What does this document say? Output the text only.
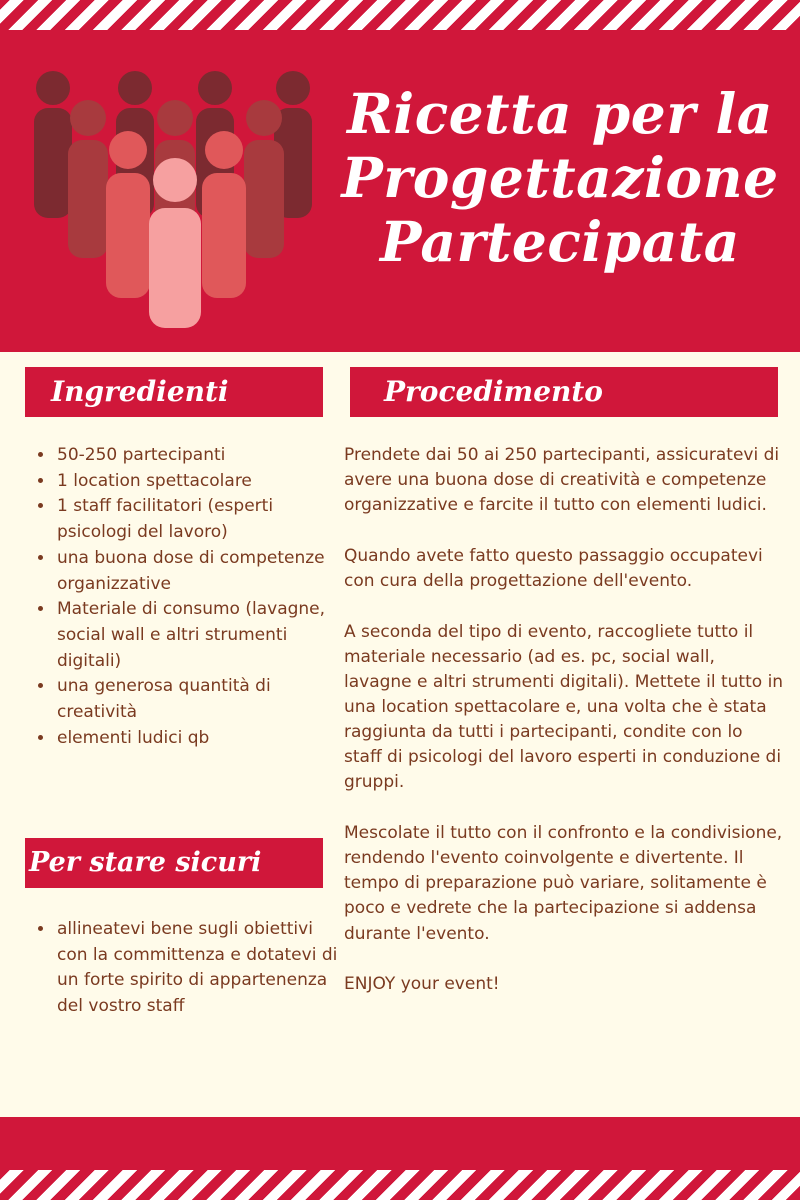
Ricetta per la
Progettazione
Partecipata
Ingredienti	Procedimento
• 50-250 partecipanti
• 1 location spettacolare
• 1 staff facilitatori (esperti psicologi del lavoro)
• una buona dose di competenze organizzative
• Materiale di consumo (lavagne, social wall e altri strumenti digitali)
• una generosa quantità di creatività
• elementi ludici qb

Prendete dai 50 ai 250 partecipanti, assicuratevi di avere una buona dose di creatività e competenze organizzative e farcite il tutto con elementi ludici.

Quando avete fatto questo passaggio occupatevi con cura della progettazione dell'evento.

A seconda del tipo di evento, raccogliete tutto il materiale necessario (ad es. pc, social wall, lavagne e altri strumenti digitali). Mettete il tutto in una location spettacolare e, una volta che è stata raggiunta da tutti i partecipanti, condite con lo staff di psicologi del lavoro esperti in conduzione di gruppi.

Mescolate il tutto con il confronto e la condivisione, rendendo l'evento coinvolgente e divertente. Il tempo di preparazione può variare, solitamente è poco e vedrete che la partecipazione si addensa durante l'evento.

ENJOY your event!

Per stare sicuri
• allineatevi bene sugli obiettivi con la committenza e dotatevi di un forte spirito di appartenenza del vostro staff
